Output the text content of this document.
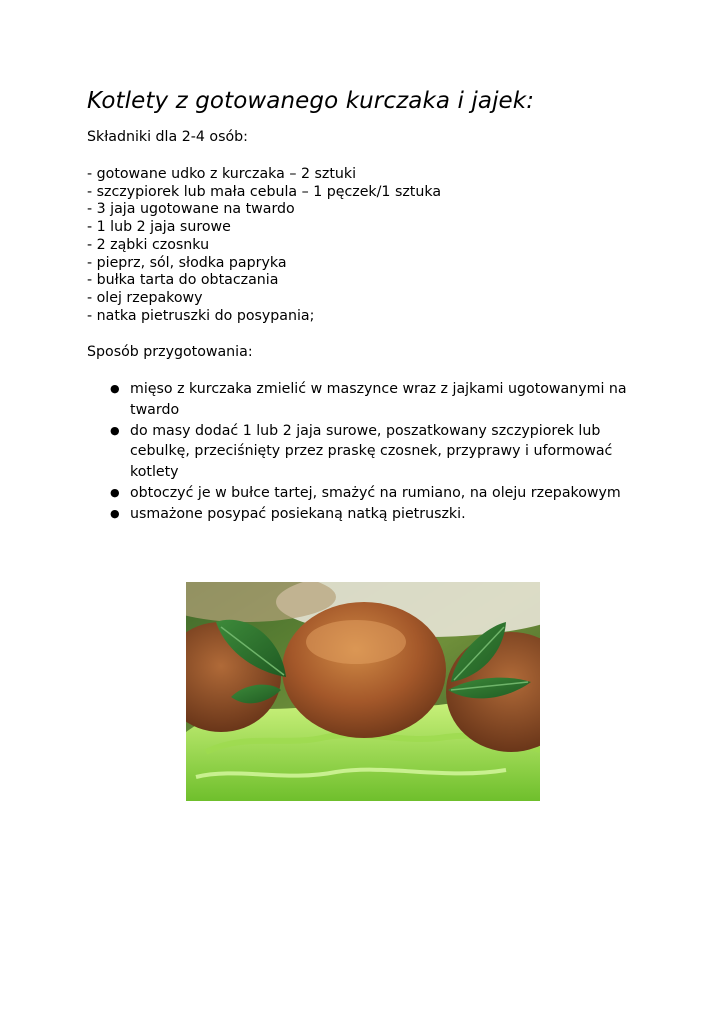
Kotlety z gotowanego kurczaka i jajek:

Składniki dla 2-4 osób:

- gotowane udko z kurczaka – 2 sztuki
- szczypiorek lub mała cebula – 1 pęczek/1 sztuka
- 3 jaja ugotowane na twardo
- 1 lub 2 jaja surowe
- 2 ząbki czosnku
- pieprz, sól, słodka papryka
- bułka tarta do obtaczania
- olej rzepakowy
- natka pietruszki do posypania;

Sposób przygotowania:

● mięso z kurczaka zmielić w maszynce wraz z jajkami ugotowanymi na twardo
● do masy dodać 1 lub 2 jaja surowe, poszatkowany szczypiorek lub cebulkę, przeciśnięty przez praskę czosnek, przyprawy i uformować kotlety
● obtoczyć je w bułce tartej, smażyć na rumiano, na oleju rzepakowym
● usmażone posypać posiekaną natką pietruszki.
